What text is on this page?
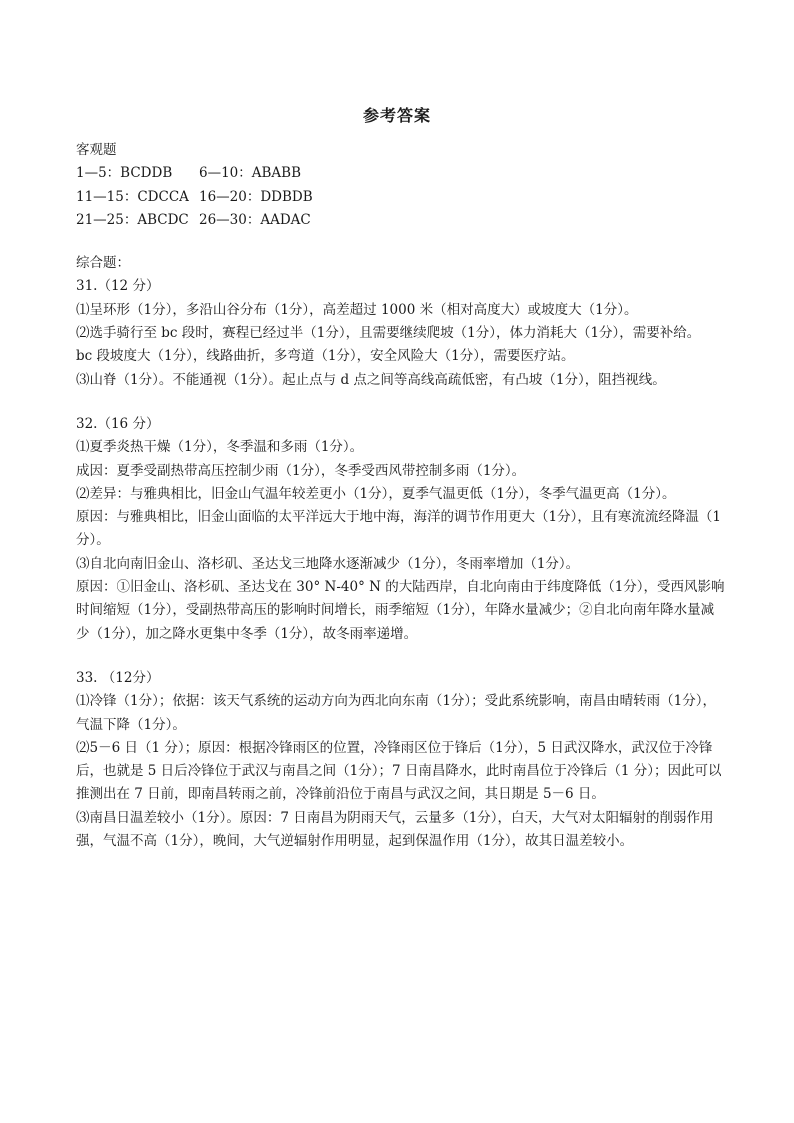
参考答案
客观题
1—5：BCDDB	6—10：ABABB
11—15：CDCCA 16—20：DDBDB
21—25：ABCDC 26—30：AADAC
综合题：
31.（12 分）
⑴呈环形（1分），多沿山谷分布（1分），高差超过 1000 米（相对高度大）或坡度大（1分）。
⑵选手骑行至 bc 段时，赛程已经过半（1分），且需要继续爬坡（1分），体力消耗大（1分），需要补给。
bc 段坡度大（1分），线路曲折，多弯道（1分），安全风险大（1分），需要医疗站。
⑶山脊（1分）。不能通视（1分）。起止点与 d 点之间等高线高疏低密，有凸坡（1分），阻挡视线。
32.（16 分）
⑴夏季炎热干燥（1分），冬季温和多雨（1分）。
成因：夏季受副热带高压控制少雨（1分），冬季受西风带控制多雨（1分）。
⑵差异：与雅典相比，旧金山气温年较差更小（1分），夏季气温更低（1分），冬季气温更高（1分）。
原因：与雅典相比，旧金山面临的太平洋远大于地中海，海洋的调节作用更大（1分），且有寒流流经降温（1分）。
⑶自北向南旧金山、洛杉矶、圣达戈三地降水逐渐减少（1分），冬雨率增加（1分）。
原因：①旧金山、洛杉矶、圣达戈在 30° N-40° N 的大陆西岸，自北向南由于纬度降低（1分），受西风影响时间缩短（1分），受副热带高压的影响时间增长，雨季缩短（1分），年降水量减少；②自北向南年降水量减少（1分），加之降水更集中冬季（1分），故冬雨率递增。
33. （12分）
⑴冷锋（1分）；依据：该天气系统的运动方向为西北向东南（1分）；受此系统影响，南昌由晴转雨（1分），气温下降（1分）。
⑵5－6 日（1 分）；原因：根据冷锋雨区的位置，冷锋雨区位于锋后（1分），5 日武汉降水，武汉位于冷锋后，也就是 5 日后冷锋位于武汉与南昌之间（1分）；7 日南昌降水，此时南昌位于冷锋后（1 分）；因此可以推测出在 7 日前，即南昌转雨之前，冷锋前沿位于南昌与武汉之间，其日期是 5－6 日。
⑶南昌日温差较小（1分）。原因：7 日南昌为阴雨天气，云量多（1分），白天，大气对太阳辐射的削弱作用强，气温不高（1分），晚间，大气逆辐射作用明显，起到保温作用（1分），故其日温差较小。
